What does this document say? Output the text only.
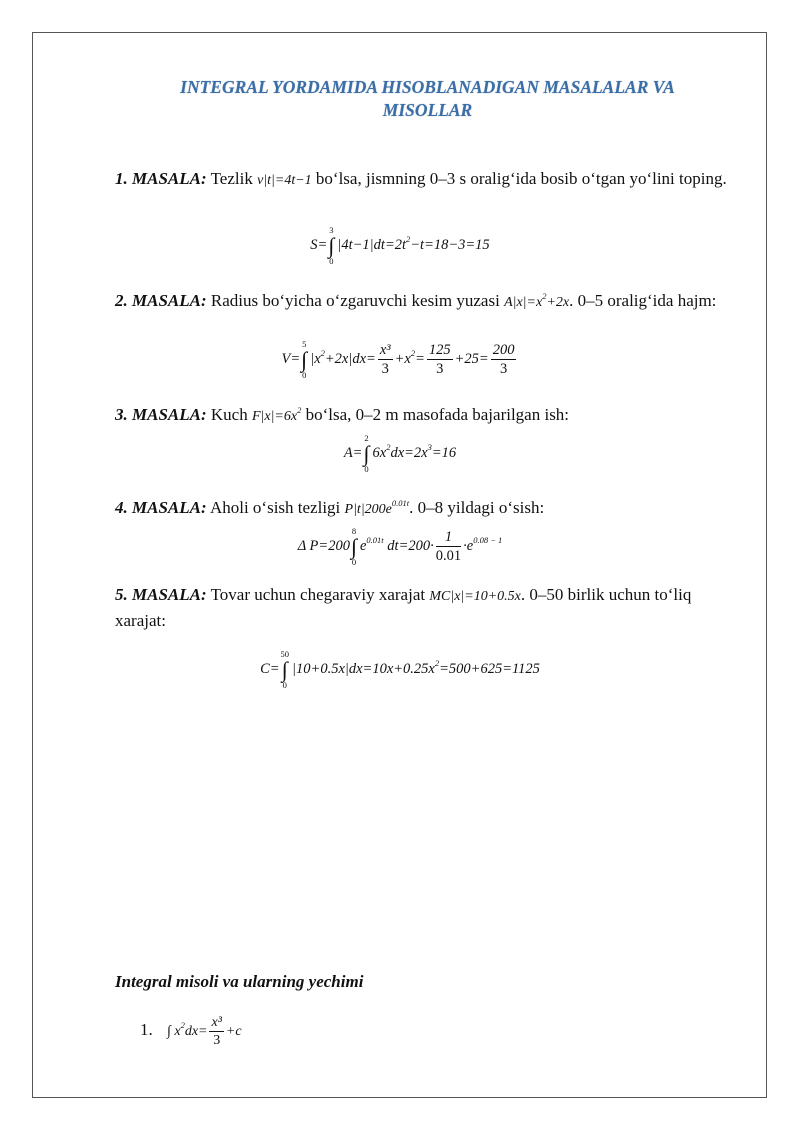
INTEGRAL YORDAMIDA HISOBLANADIGAN MASALALAR VA
MISOLLAR
1. MASALA: Tezlik v|t|=4t−1 bo‘lsa, jismning 0–3 s oralig‘ida bosib o‘tgan yo‘lini toping.
S=
3
∫
0
$|4t-1|dt=2t^2-t=18-3=15$
2. MASALA: Radius bo‘yicha o‘zgaruvchi kesim yuzasi $A|x|=x^2+2x$. 0–5 oralig‘ida hajm:
V=
5
∫
0
$|x^2+2x|dx= \frac{\text{x³}}{3} +x^2= \frac{125}{3} +25= \frac{200}{3}$
3. MASALA: Kuch $F|x|=6x^2$ bo‘lsa, 0–2 m masofada bajarilgan ish:
A=
2
∫
0
$6x^2dx=2x^3=16$
4. MASALA: Aholi o‘sish tezligi $P|t|200e^{0.01t}$. 0–8 yildagi o‘sish:
Δ P=200
8
∫
0
$e^{0.01t}$ $dt=200\cdot \frac{1}{0.01} \cdot e^{0.08 - 1}$
5. MASALA: Tovar uchun chegaraviy xarajat MC|x|=10+0.5x. 0–50 birlik uchun to‘liq xarajat:
C=
50
∫
0
$|10+0.5x|dx=10x+0.25x^2=500+625=1125$
Integral misoli va ularning yechimi
1. ∫ $x^2dx= \frac{\text{x³}}{3} +c$
